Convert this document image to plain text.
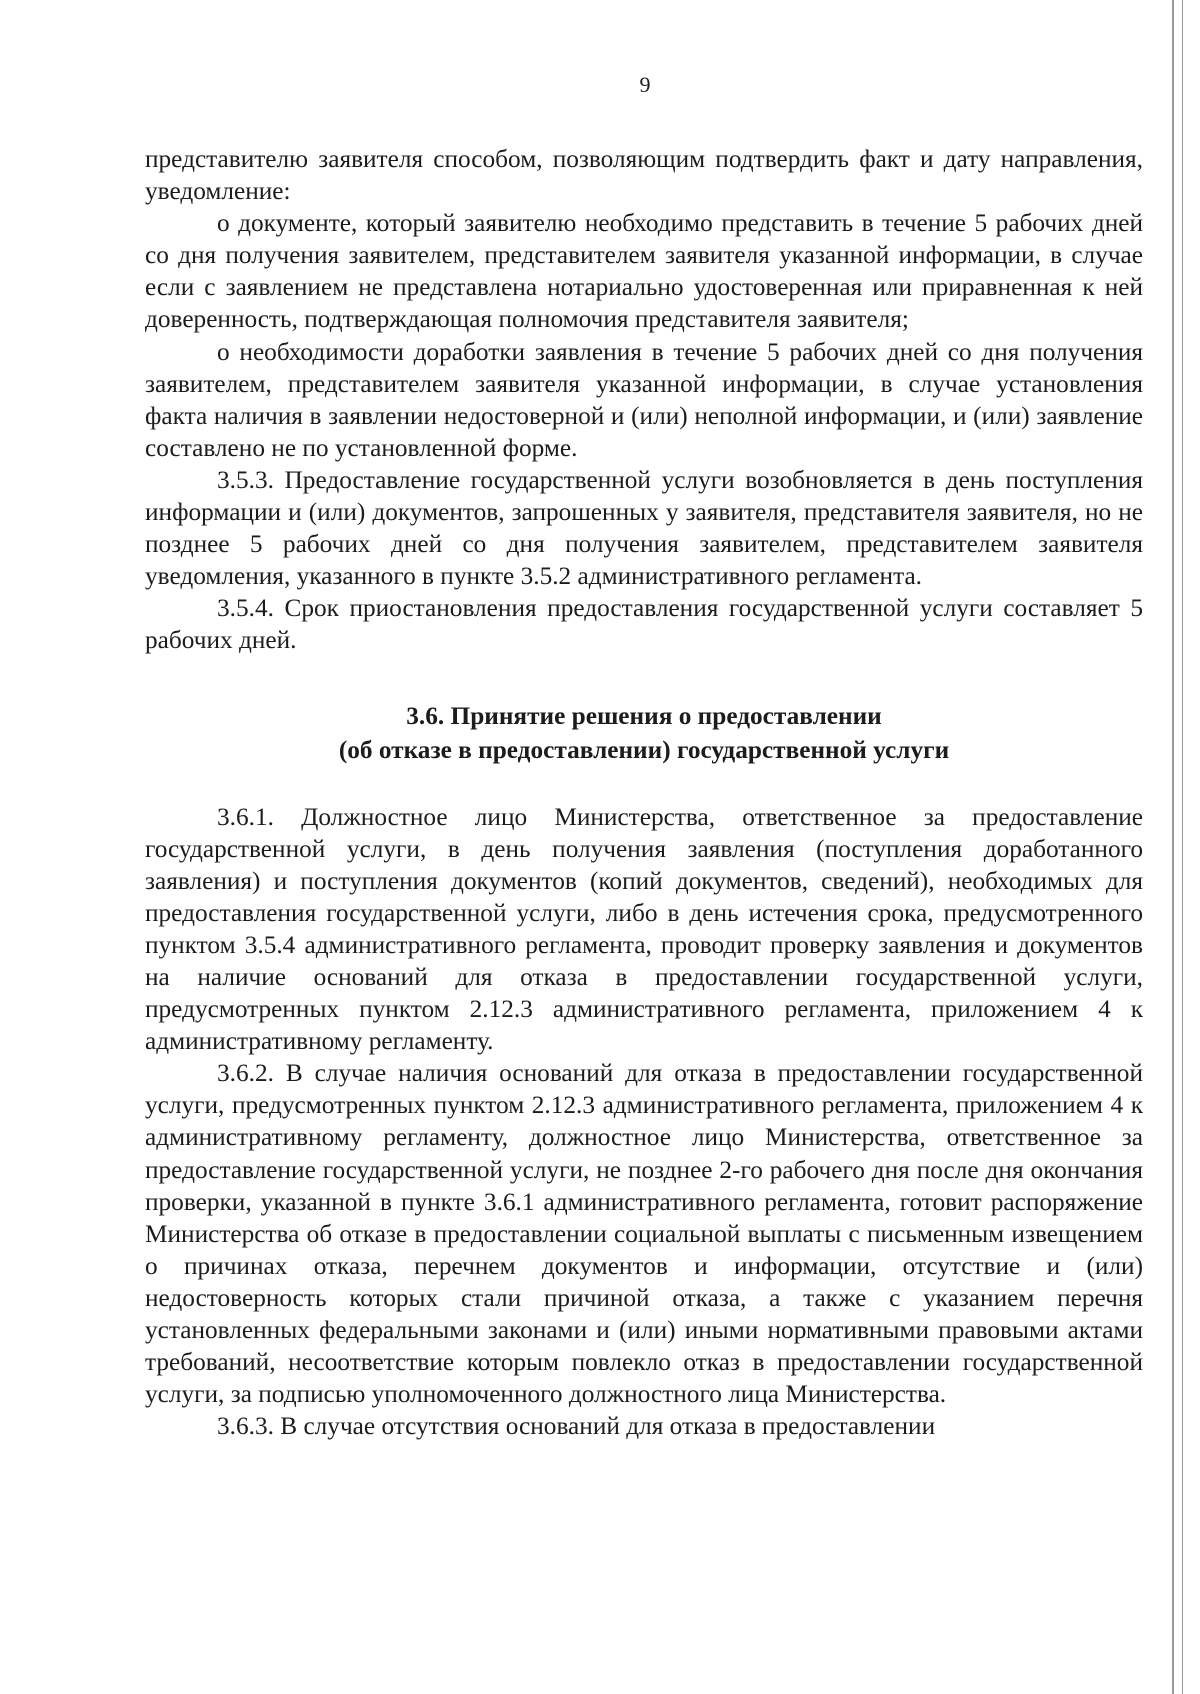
9

представителю заявителя способом, позволяющим подтвердить факт и дату направления, уведомление:

о документе, который заявителю необходимо представить в течение 5 рабочих дней со дня получения заявителем, представителем заявителя указанной информации, в случае если с заявлением не представлена нотариально удостоверенная или приравненная к ней доверенность, подтверждающая полномочия представителя заявителя;

о необходимости доработки заявления в течение 5 рабочих дней со дня получения заявителем, представителем заявителя указанной информации, в случае установления факта наличия в заявлении недостоверной и (или) неполной информации, и (или) заявление составлено не по установленной форме.

3.5.3. Предоставление государственной услуги возобновляется в день поступления информации и (или) документов, запрошенных у заявителя, представителя заявителя, но не позднее 5 рабочих дней со дня получения заявителем, представителем заявителя уведомления, указанного в пункте 3.5.2 административного регламента.

3.5.4. Срок приостановления предоставления государственной услуги составляет 5 рабочих дней.

3.6. Принятие решения о предоставлении
(об отказе в предоставлении) государственной услуги

3.6.1. Должностное лицо Министерства, ответственное за предоставление государственной услуги, в день получения заявления (поступления доработанного заявления) и поступления документов (копий документов, сведений), необходимых для предоставления государственной услуги, либо в день истечения срока, предусмотренного пунктом 3.5.4 административного регламента, проводит проверку заявления и документов на наличие оснований для отказа в предоставлении государственной услуги, предусмотренных пунктом 2.12.3 административного регламента, приложением 4 к административному регламенту.

3.6.2. В случае наличия оснований для отказа в предоставлении государственной услуги, предусмотренных пунктом 2.12.3 административного регламента, приложением 4 к административному регламенту, должностное лицо Министерства, ответственное за предоставление государственной услуги, не позднее 2-го рабочего дня после дня окончания проверки, указанной в пункте 3.6.1 административного регламента, готовит распоряжение Министерства об отказе в предоставлении социальной выплаты с письменным извещением о причинах отказа, перечнем документов и информации, отсутствие и (или) недостоверность которых стали причиной отказа, а также с указанием перечня установленных федеральными законами и (или) иными нормативными правовыми актами требований, несоответствие которым повлекло отказ в предоставлении государственной услуги, за подписью уполномоченного должностного лица Министерства.

3.6.3. В случае отсутствия оснований для отказа в предоставлении
